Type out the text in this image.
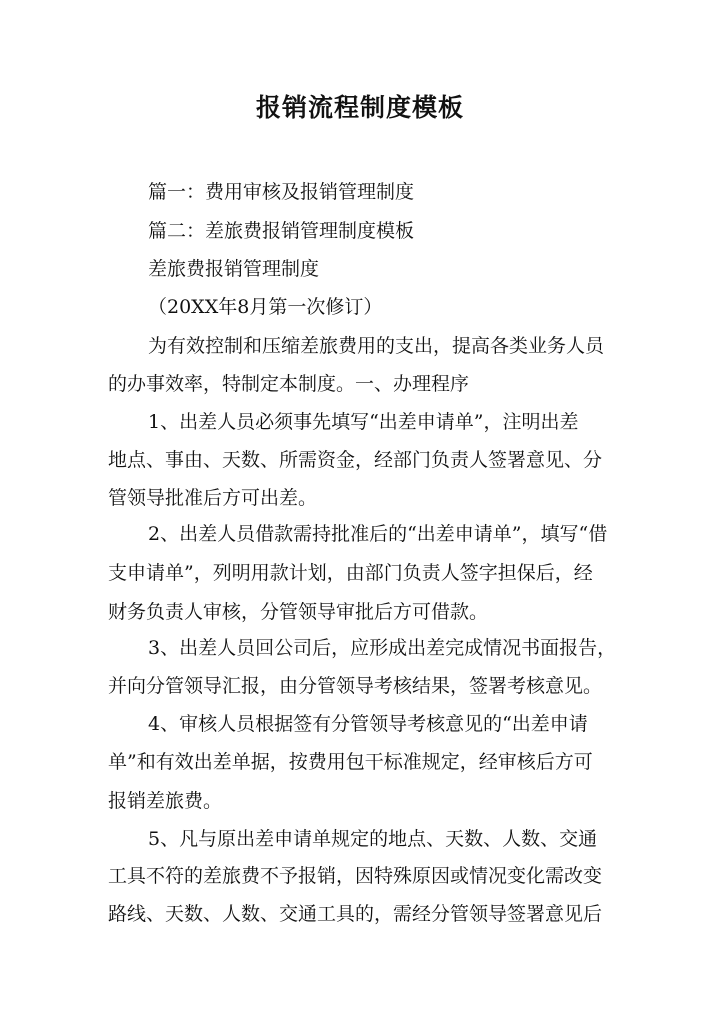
报销流程制度模板
篇一：费用审核及报销管理制度
篇二：差旅费报销管理制度模板
差旅费报销管理制度
（20XX年8月第一次修订）
为有效控制和压缩差旅费用的支出，提高各类业务人员
的办事效率，特制定本制度。一、办理程序
1、出差人员必须事先填写“出差申请单”，注明出差
地点、事由、天数、所需资金，经部门负责人签署意见、分
管领导批准后方可出差。
2、出差人员借款需持批准后的“出差申请单”，填写“借
支申请单”，列明用款计划，由部门负责人签字担保后，经
财务负责人审核，分管领导审批后方可借款。
3、出差人员回公司后，应形成出差完成情况书面报告，
并向分管领导汇报，由分管领导考核结果，签署考核意见。
4、审核人员根据签有分管领导考核意见的“出差申请
单”和有效出差单据，按费用包干标准规定，经审核后方可
报销差旅费。
5、凡与原出差申请单规定的地点、天数、人数、交通
工具不符的差旅费不予报销，因特殊原因或情况变化需改变
路线、天数、人数、交通工具的，需经分管领导签署意见后
